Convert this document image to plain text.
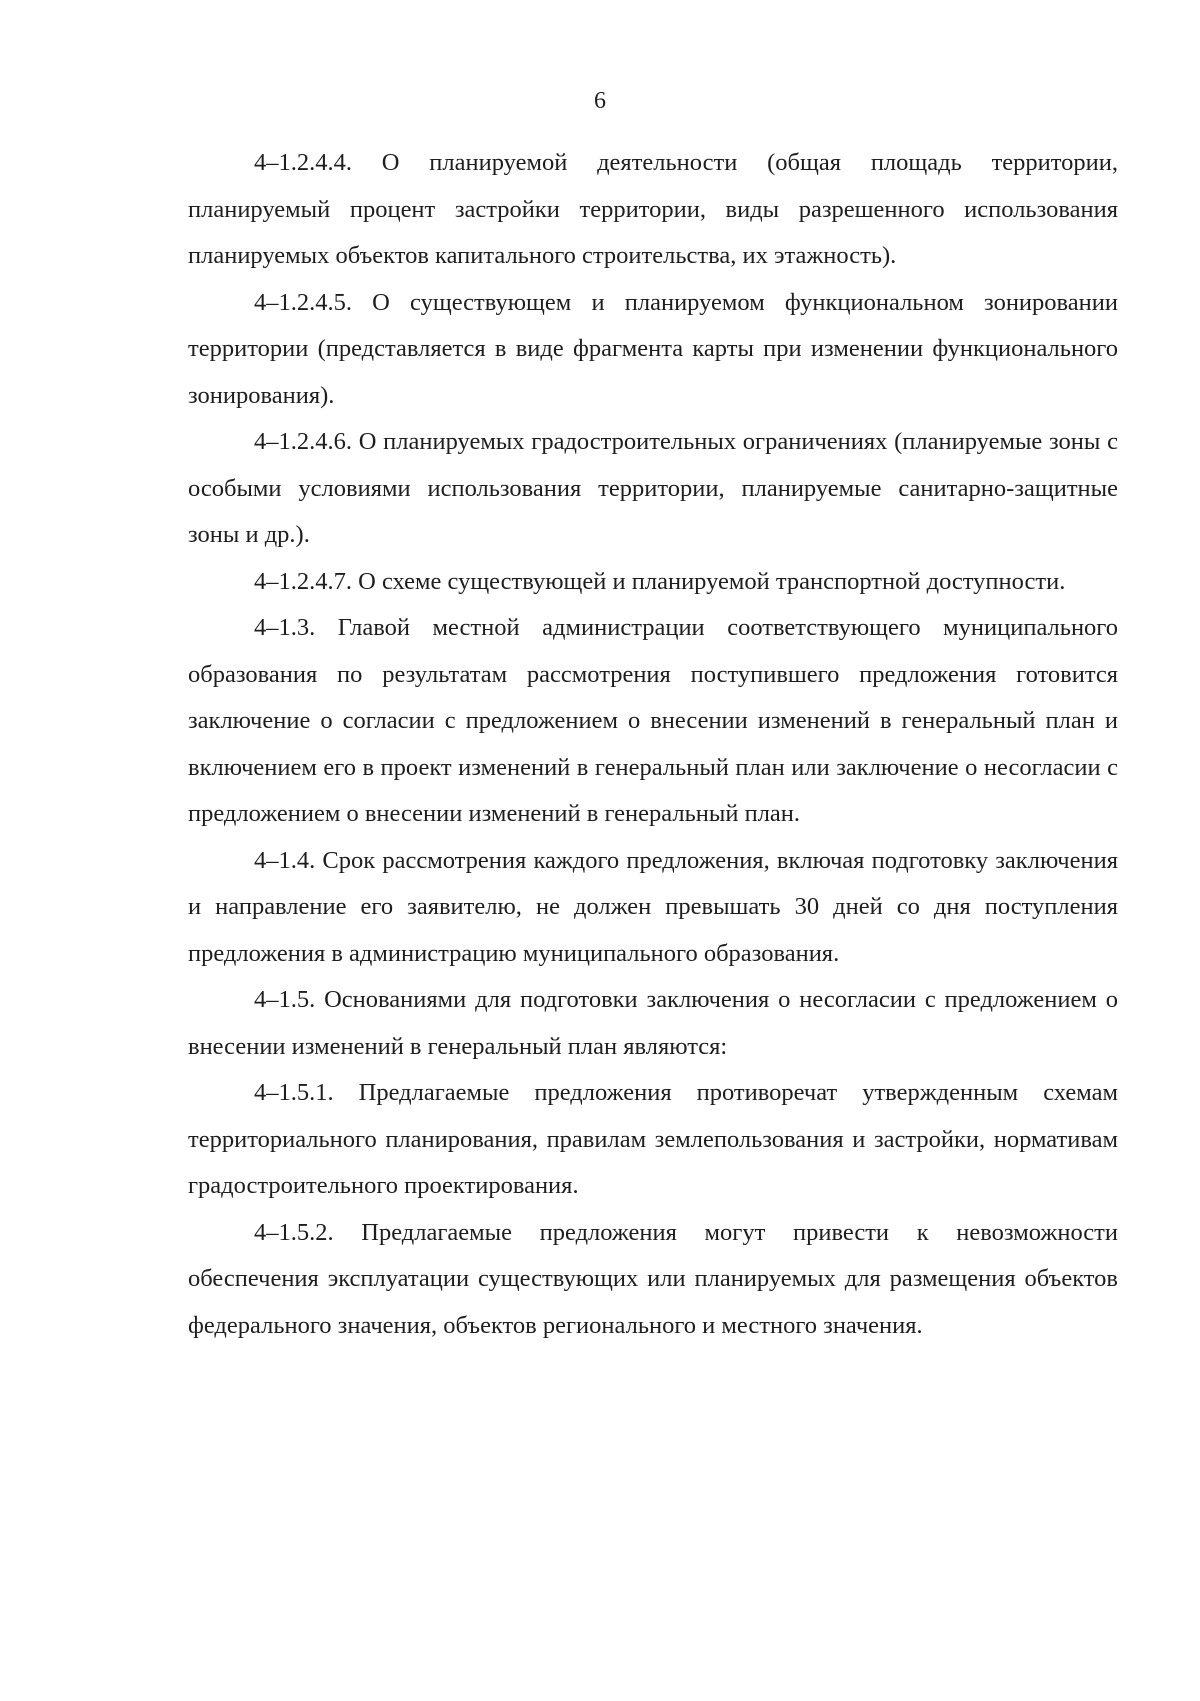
6

4–1.2.4.4. О планируемой деятельности (общая площадь территории, планируемый процент застройки территории, виды разрешенного использования планируемых объектов капитального строительства, их этажность).

4–1.2.4.5. О существующем и планируемом функциональном зонировании территории (представляется в виде фрагмента карты при изменении функционального зонирования).

4–1.2.4.6. О планируемых градостроительных ограничениях (планируемые зоны с особыми условиями использования территории, планируемые санитарно-защитные зоны и др.).

4–1.2.4.7. О схеме существующей и планируемой транспортной доступности.

4–1.3. Главой местной администрации соответствующего муниципального образования по результатам рассмотрения поступившего предложения готовится заключение о согласии с предложением о внесении изменений в генеральный план и включением его в проект изменений в генеральный план или заключение о несогласии с предложением о внесении изменений в генеральный план.

4–1.4. Срок рассмотрения каждого предложения, включая подготовку заключения и направление его заявителю, не должен превышать 30 дней со дня поступления предложения в администрацию муниципального образования.

4–1.5. Основаниями для подготовки заключения о несогласии с предложением о внесении изменений в генеральный план являются:

4–1.5.1. Предлагаемые предложения противоречат утвержденным схемам территориального планирования, правилам землепользования и застройки, нормативам градостроительного проектирования.

4–1.5.2. Предлагаемые предложения могут привести к невозможности обеспечения эксплуатации существующих или планируемых для размещения объектов федерального значения, объектов регионального и местного значения.
